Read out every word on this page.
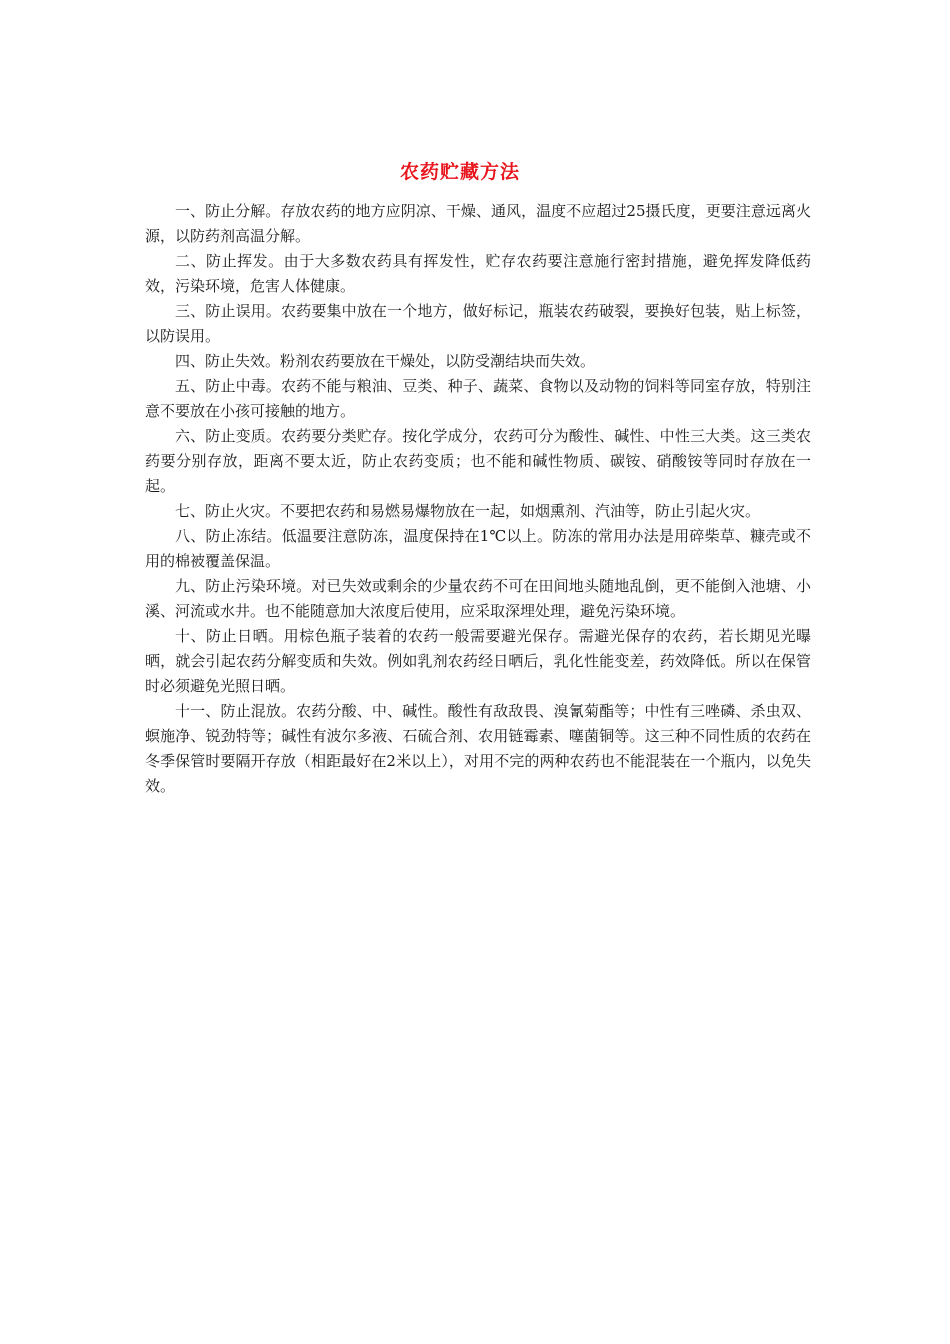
农药贮藏方法

一、防止分解。存放农药的地方应阴凉、干燥、通风，温度不应超过25摄氏度，更要注意远离火源，以防药剂高温分解。

二、防止挥发。由于大多数农药具有挥发性，贮存农药要注意施行密封措施，避免挥发降低药效，污染环境，危害人体健康。

三、防止误用。农药要集中放在一个地方，做好标记，瓶装农药破裂，要换好包装，贴上标签，以防误用。

四、防止失效。粉剂农药要放在干燥处，以防受潮结块而失效。

五、防止中毒。农药不能与粮油、豆类、种子、蔬菜、食物以及动物的饲料等同室存放，特别注意不要放在小孩可接触的地方。

六、防止变质。农药要分类贮存。按化学成分，农药可分为酸性、碱性、中性三大类。这三类农药要分别存放，距离不要太近，防止农药变质；也不能和碱性物质、碳铵、硝酸铵等同时存放在一起。

七、防止火灾。不要把农药和易燃易爆物放在一起，如烟熏剂、汽油等，防止引起火灾。

八、防止冻结。低温要注意防冻，温度保持在1℃以上。防冻的常用办法是用碎柴草、糠壳或不用的棉被覆盖保温。

九、防止污染环境。对已失效或剩余的少量农药不可在田间地头随地乱倒，更不能倒入池塘、小溪、河流或水井。也不能随意加大浓度后使用，应采取深埋处理，避免污染环境。

十、防止日晒。用棕色瓶子装着的农药一般需要避光保存。需避光保存的农药，若长期见光曝晒，就会引起农药分解变质和失效。例如乳剂农药经日晒后，乳化性能变差，药效降低。所以在保管时必须避免光照日晒。

十一、防止混放。农药分酸、中、碱性。酸性有敌敌畏、溴氰菊酯等；中性有三唑磷、杀虫双、螟施净、锐劲特等；碱性有波尔多液、石硫合剂、农用链霉素、噻菌铜等。这三种不同性质的农药在冬季保管时要隔开存放（相距最好在2米以上），对用不完的两种农药也不能混装在一个瓶内，以免失效。
